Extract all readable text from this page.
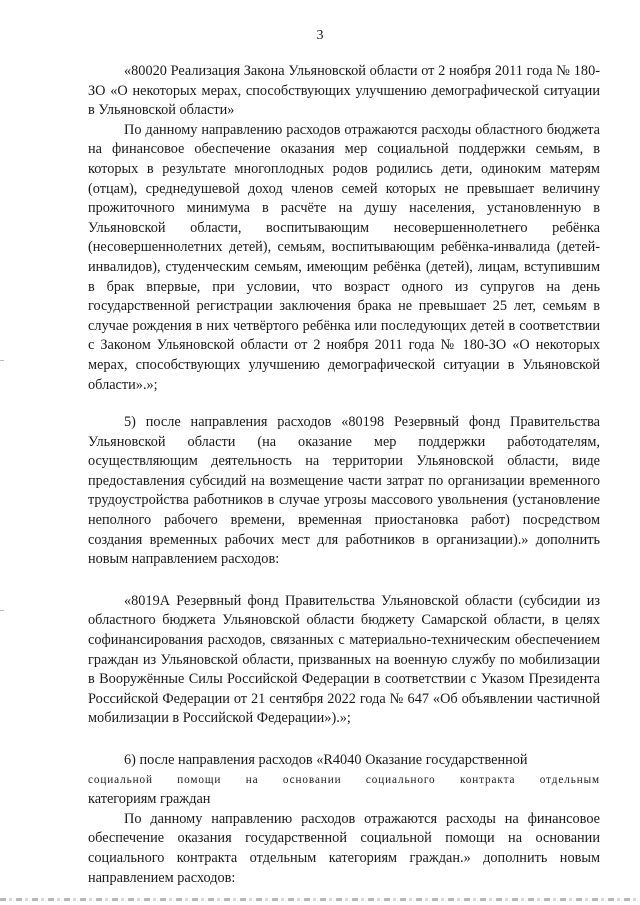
3

«80020 Реализация Закона Ульяновской области от 2 ноября 2011 года № 180-ЗО «О некоторых мерах, способствующих улучшению демографической ситуации в Ульяновской области»

По данному направлению расходов отражаются расходы областного бюджета на финансовое обеспечение оказания мер социальной поддержки семьям, в которых в результате многоплодных родов родились дети, одиноким матерям (отцам), среднедушевой доход членов семей которых не превышает величину прожиточного минимума в расчёте на душу населения, установленную в Ульяновской области, воспитывающим несовершеннолетнего ребёнка (несовершеннолетних детей), семьям, воспитывающим ребёнка-инвалида (детей-инвалидов), студенческим семьям, имеющим ребёнка (детей), лицам, вступившим в брак впервые, при условии, что возраст одного из супругов на день государственной регистрации заключения брака не превышает 25 лет, семьям в случае рождения в них четвёртого ребёнка или последующих детей в соответствии с Законом Ульяновской области от 2 ноября 2011 года № 180-ЗО «О некоторых мерах, способствующих улучшению демографической ситуации в Ульяновской области».»;

5) после направления расходов «80198 Резервный фонд Правительства Ульяновской области (на оказание мер поддержки работодателям, осуществляющим деятельность на территории Ульяновской области, виде предоставления субсидий на возмещение части затрат по организации временного трудоустройства работников в случае угрозы массового увольнения (установление неполного рабочего времени, временная приостановка работ) посредством создания временных рабочих мест для работников в организации).» дополнить новым направлением расходов:

«8019А Резервный фонд Правительства Ульяновской области (субсидии из областного бюджета Ульяновской области бюджету Самарской области, в целях софинансирования расходов, связанных с материально-техническим обеспечением граждан из Ульяновской области, призванных на военную службу по мобилизации в Вооружённые Силы Российской Федерации в соответствии с Указом Президента Российской Федерации от 21 сентября 2022 года № 647 «Об объявлении частичной мобилизации в Российской Федерации»).»;

6) после направления расходов «R4040 Оказание государственной

социальной помощи на основании социального контракта отдельным

категориям граждан

По данному направлению расходов отражаются расходы на финансовое обеспечение оказания государственной социальной помощи на основании социального контракта отдельным категориям граждан.» дополнить новым направлением расходов:
